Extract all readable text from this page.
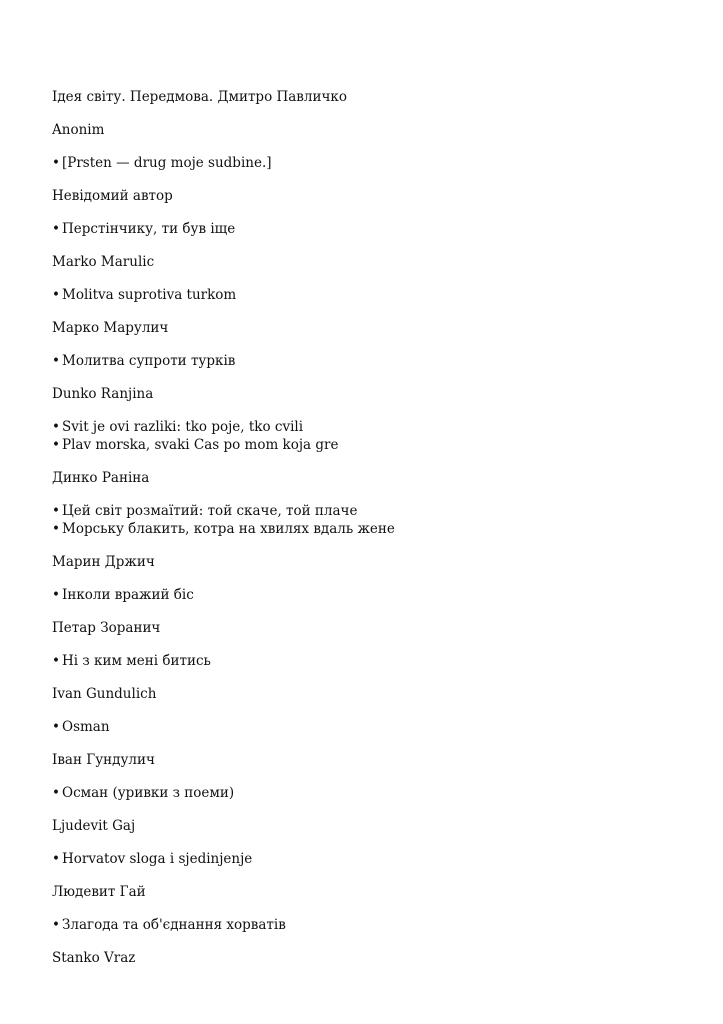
Ідея світу. Передмова. Дмитро Павличко
Anonim
• [Prsten — drug moje sudbine.]
Невідомий автор
• Перстінчику, ти був іще
Marko Marulic
• Molitva suprotiva turkom
Марко Марулич
• Молитва супроти турків
Dunko Ranjina
• Svit je ovi razliki: tko poje, tko cvili
• Plav morska, svaki Cas po mom koja gre
Динко Ранiна
• Цей світ розмаїтий: той скаче, той плаче
• Морську блакить, котра на хвилях вдаль жене
Марин Држич
• Інколи вражий біс
Петар Зоранич
• Ні з ким мені битись
Ivan Gundulich
• Osman
Іван Гундулич
• Осман (уривки з поеми)
Ljudevit Gaj
• Horvatov sloga i sjedinjenje
Людевит Гай
• Злагода та об'єднання хорватів
Stanko Vraz
